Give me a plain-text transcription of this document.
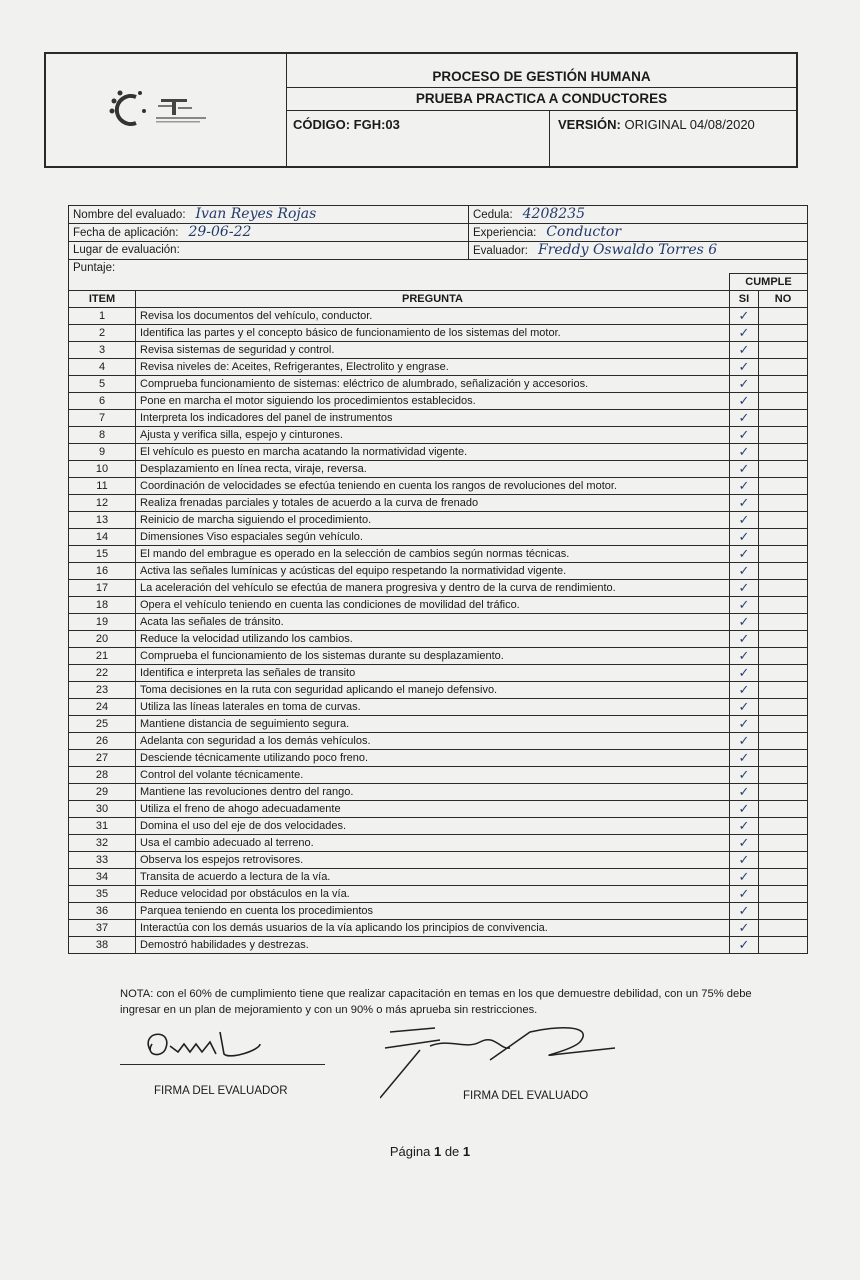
PROCESO DE GESTIÓN HUMANA
PRUEBA PRACTICA A CONDUCTORES
CÓDIGO: FGH:03	VERSIÓN: ORIGINAL 04/08/2020
Nombre del evaluado: Ivan Reyes Rojas	Cedula: 4208235
Fecha de aplicación: 29-06-22	Experiencia: Conductor
Lugar de evaluación:	Evaluador: Freddy Oswaldo Torres 6
Puntaje:
		CUMPLE	
ITEM	PREGUNTA	SI	NO
1	Revisa los documentos del vehículo, conductor.	✓	
2	Identifica las partes y el concepto básico de funcionamiento de los sistemas del motor.	✓	
3	Revisa sistemas de seguridad y control.	✓	
4	Revisa niveles de: Aceites, Refrigerantes, Electrolito y engrase.	✓	
5	Comprueba funcionamiento de sistemas: eléctrico de alumbrado, señalización y accesorios.	✓	
6	Pone en marcha el motor siguiendo los procedimientos establecidos.	✓	
7	Interpreta los indicadores del panel de instrumentos	✓	
8	Ajusta y verifica silla, espejo y cinturones.	✓	
9	El vehículo es puesto en marcha acatando la normatividad vigente.	✓	
10	Desplazamiento en línea recta, viraje, reversa.	✓	
11	Coordinación de velocidades se efectúa teniendo en cuenta los rangos de revoluciones del motor.	✓	
12	Realiza frenadas parciales y totales de acuerdo a la curva de frenado	✓	
13	Reinicio de marcha siguiendo el procedimiento.	✓	
14	Dimensiones Viso espaciales según vehículo.	✓	
15	El mando del embrague es operado en la selección de cambios según normas técnicas.	✓	
16	Activa las señales lumínicas y acústicas del equipo respetando la normatividad vigente.	✓	
17	La aceleración del vehículo se efectúa de manera progresiva y dentro de la curva de rendimiento.	✓	
18	Opera el vehículo teniendo en cuenta las condiciones de movilidad del tráfico.	✓	
19	Acata las señales de tránsito.	✓	
20	Reduce la velocidad utilizando los cambios.	✓	
21	Comprueba el funcionamiento de los sistemas durante su desplazamiento.	✓	
22	Identifica e interpreta las señales de transito	✓	
23	Toma decisiones en la ruta con seguridad aplicando el manejo defensivo.	✓	
24	Utiliza las líneas laterales en toma de curvas.	✓	
25	Mantiene distancia de seguimiento segura.	✓	
26	Adelanta con seguridad a los demás vehículos.	✓	
27	Desciende técnicamente utilizando poco freno.	✓	
28	Control del volante técnicamente.	✓	
29	Mantiene las revoluciones dentro del rango.	✓	
30	Utiliza el freno de ahogo adecuadamente	✓	
31	Domina el uso del eje de dos velocidades.	✓	
32	Usa el cambio adecuado al terreno.	✓	
33	Observa los espejos retrovisores.	✓	
34	Transita de acuerdo a lectura de la vía.	✓	
35	Reduce velocidad por obstáculos en la vía.	✓	
36	Parquea teniendo en cuenta los procedimientos	✓	
37	Interactúa con los demás usuarios de la vía aplicando los principios de convivencia.	✓	
38	Demostró habilidades y destrezas.	✓	
NOTA: con el 60% de cumplimiento tiene que realizar capacitación en temas en los que demuestre debilidad, con un 75% debe ingresar en un plan de mejoramiento y con un 90% o más aprueba sin restricciones.
FIRMA DEL EVALUADOR	FIRMA DEL EVALUADO
Página 1 de 1
